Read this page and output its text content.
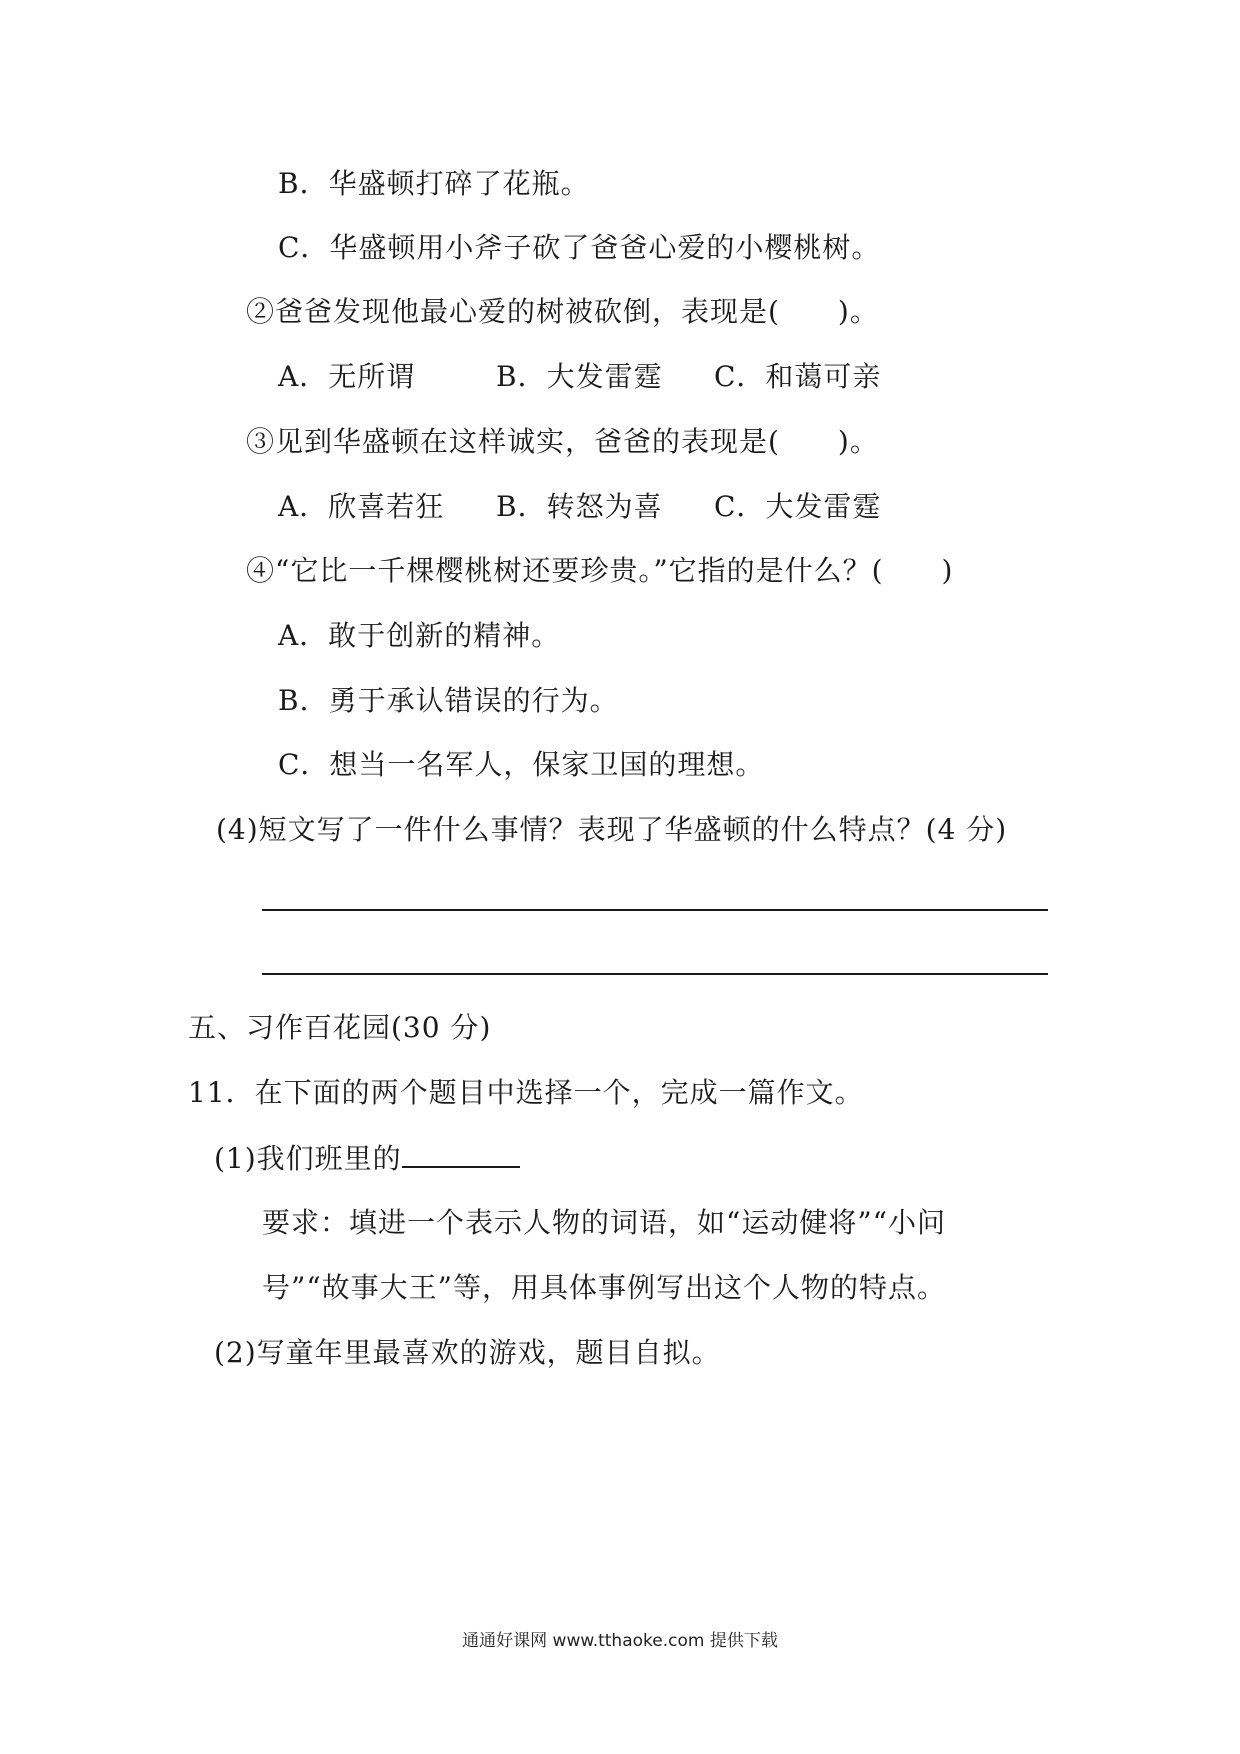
B．华盛顿打碎了花瓶。
C．华盛顿用小斧子砍了爸爸心爱的小樱桃树。
②爸爸发现他最心爱的树被砍倒，表现是(　　)。
A．无所谓	B．大发雷霆 C．和蔼可亲
③见到华盛顿在这样诚实，爸爸的表现是(　　)。
A．欣喜若狂 B．转怒为喜 C．大发雷霆
④“它比一千棵樱桃树还要珍贵。”它指的是什么？(　　)
A．敢于创新的精神。
B．勇于承认错误的行为。
C．想当一名军人，保家卫国的理想。
(4)短文写了一件什么事情？表现了华盛顿的什么特点？(4 分)
五、习作百花园(30 分)
11．在下面的两个题目中选择一个，完成一篇作文。
(1)我们班里的
要求：填进一个表示人物的词语，如“运动健将”“小问
号”“故事大王”等，用具体事例写出这个人物的特点。
(2)写童年里最喜欢的游戏，题目自拟。
通通好课网 www.tthaoke.com 提供下载
